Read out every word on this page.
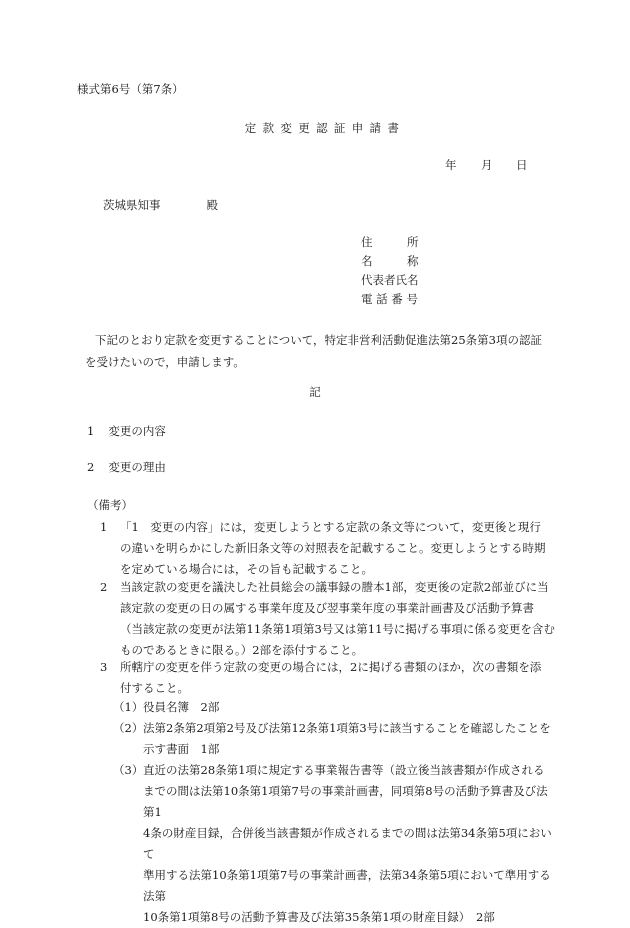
様式第6号（第7条）
定款変更認証申請書
年 月 日
茨城県知事	殿
住　　　所
名　　　称
代表者氏名
電 話 番 号

下記のとおり定款を変更することについて，特定非営利活動促進法第25条第3項の認証

を受けたいので，申請します。

記
1 変更の内容
2 変更の理由
（備考）
1 「1　変更の内容」には，変更しようとする定款の条文等について，変更後と現行
の違いを明らかにした新旧条文等の対照表を記載すること。変更しようとする時期
を定めている場合には，その旨も記載すること。
2 当該定款の変更を議決した社員総会の議事録の謄本1部，変更後の定款2部並びに当
該定款の変更の日の属する事業年度及び翌事業年度の事業計画書及び活動予算書
（当該定款の変更が法第11条第1項第3号又は第11号に掲げる事項に係る変更を含む
ものであるときに限る。）2部を添付すること。
3 所轄庁の変更を伴う定款の変更の場合には，2に掲げる書類のほか，次の書類を添
付すること。
（1） 役員名簿　2部
（2） 法第2条第2項第2号及び法第12条第1項第3号に該当することを確認したことを
示す書面　1部
（3） 直近の法第28条第1項に規定する事業報告書等（設立後当該書類が作成される
までの間は法第10条第1項第7号の事業計画書，同項第8号の活動予算書及び法第1
4条の財産目録，合併後当該書類が作成されるまでの間は法第34条第5項において
準用する法第10条第1項第7号の事業計画書，法第34条第5項において準用する法第
10条第1項第8号の活動予算書及び法第35条第1項の財産目録）　2部
